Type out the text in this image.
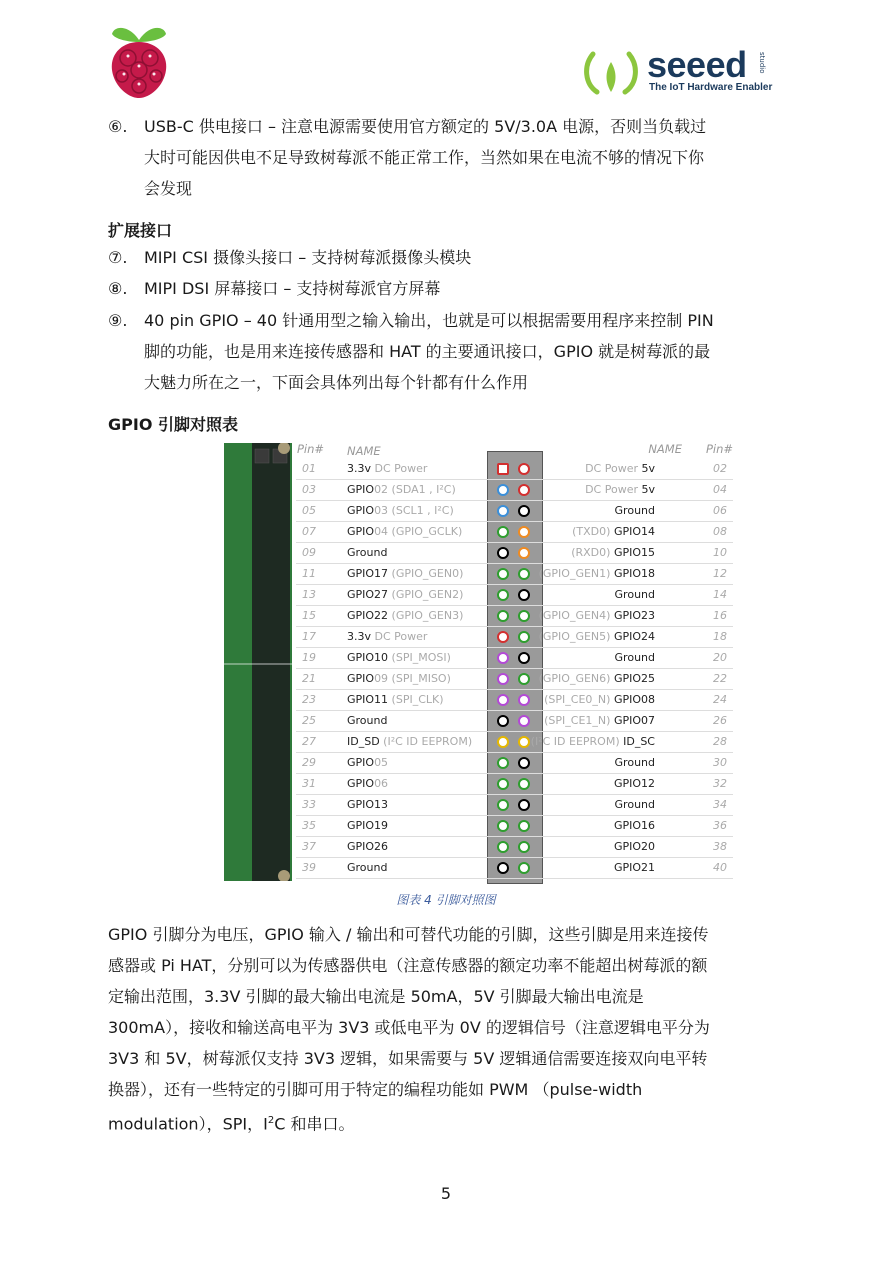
seeed
The IoT Hardware Enabler
studio
⑥. USB-C 供电接口 – 注意电源需要使用官方额定的 5V/3.0A 电源，否则当负载过
大时可能因供电不足导致树莓派不能正常工作，当然如果在电流不够的情况下你
会发现
扩展接口
⑦. MIPI CSI 摄像头接口 – 支持树莓派摄像头模块
⑧. MIPI DSI 屏幕接口 – 支持树莓派官方屏幕
⑨. 40 pin GPIO – 40 针通用型之输入输出，也就是可以根据需要用程序来控制 PIN
脚的功能，也是用来连接传感器和 HAT 的主要通讯接口，GPIO 就是树莓派的最
大魅力所在之一，下面会具体列出每个针都有什么作用
GPIO 引脚对照表
Pin# NAME	NAME Pin#
01	3.3v DC Power	DC Power 5v	02
03	GPIO02 (SDA1 , I²C)	DC Power 5v	04
05	GPIO03 (SCL1 , I²C)	Ground	06
07	GPIO04 (GPIO_GCLK)	(TXD0) GPIO14	08
09	Ground	(RXD0) GPIO15	10
11	GPIO17 (GPIO_GEN0)	(GPIO_GEN1) GPIO18	12
13	GPIO27 (GPIO_GEN2)	Ground	14
15	GPIO22 (GPIO_GEN3)	(GPIO_GEN4) GPIO23	16
17	3.3v DC Power	(GPIO_GEN5) GPIO24	18
19	GPIO10 (SPI_MOSI)	Ground	20
21	GPIO09 (SPI_MISO)	(GPIO_GEN6) GPIO25	22
23	GPIO11 (SPI_CLK)	(SPI_CE0_N) GPIO08	24
25	Ground	(SPI_CE1_N) GPIO07	26
27	ID_SD (I²C ID EEPROM)	(I²C ID EEPROM) ID_SC	28
29	GPIO05	Ground	30
31	GPIO06	GPIO12	32
33	GPIO13	Ground	34
35	GPIO19	GPIO16	36
37	GPIO26	GPIO20	38
39	Ground	GPIO21	40
图表 4 引脚对照图
GPIO 引脚分为电压，GPIO 输入 / 输出和可替代功能的引脚，这些引脚是用来连接传
感器或 Pi HAT，分别可以为传感器供电（注意传感器的额定功率不能超出树莓派的额
定输出范围，3.3V 引脚的最大输出电流是 50mA，5V 引脚最大输出电流是
300mA），接收和输送高电平为 3V3 或低电平为 0V 的逻辑信号（注意逻辑电平分为
3V3 和 5V，树莓派仅支持 3V3 逻辑，如果需要与 5V 逻辑通信需要连接双向电平转
换器），还有一些特定的引脚可用于特定的编程功能如 PWM （pulse-width
modulation），SPI，$I^2C$ 和串口。
5
